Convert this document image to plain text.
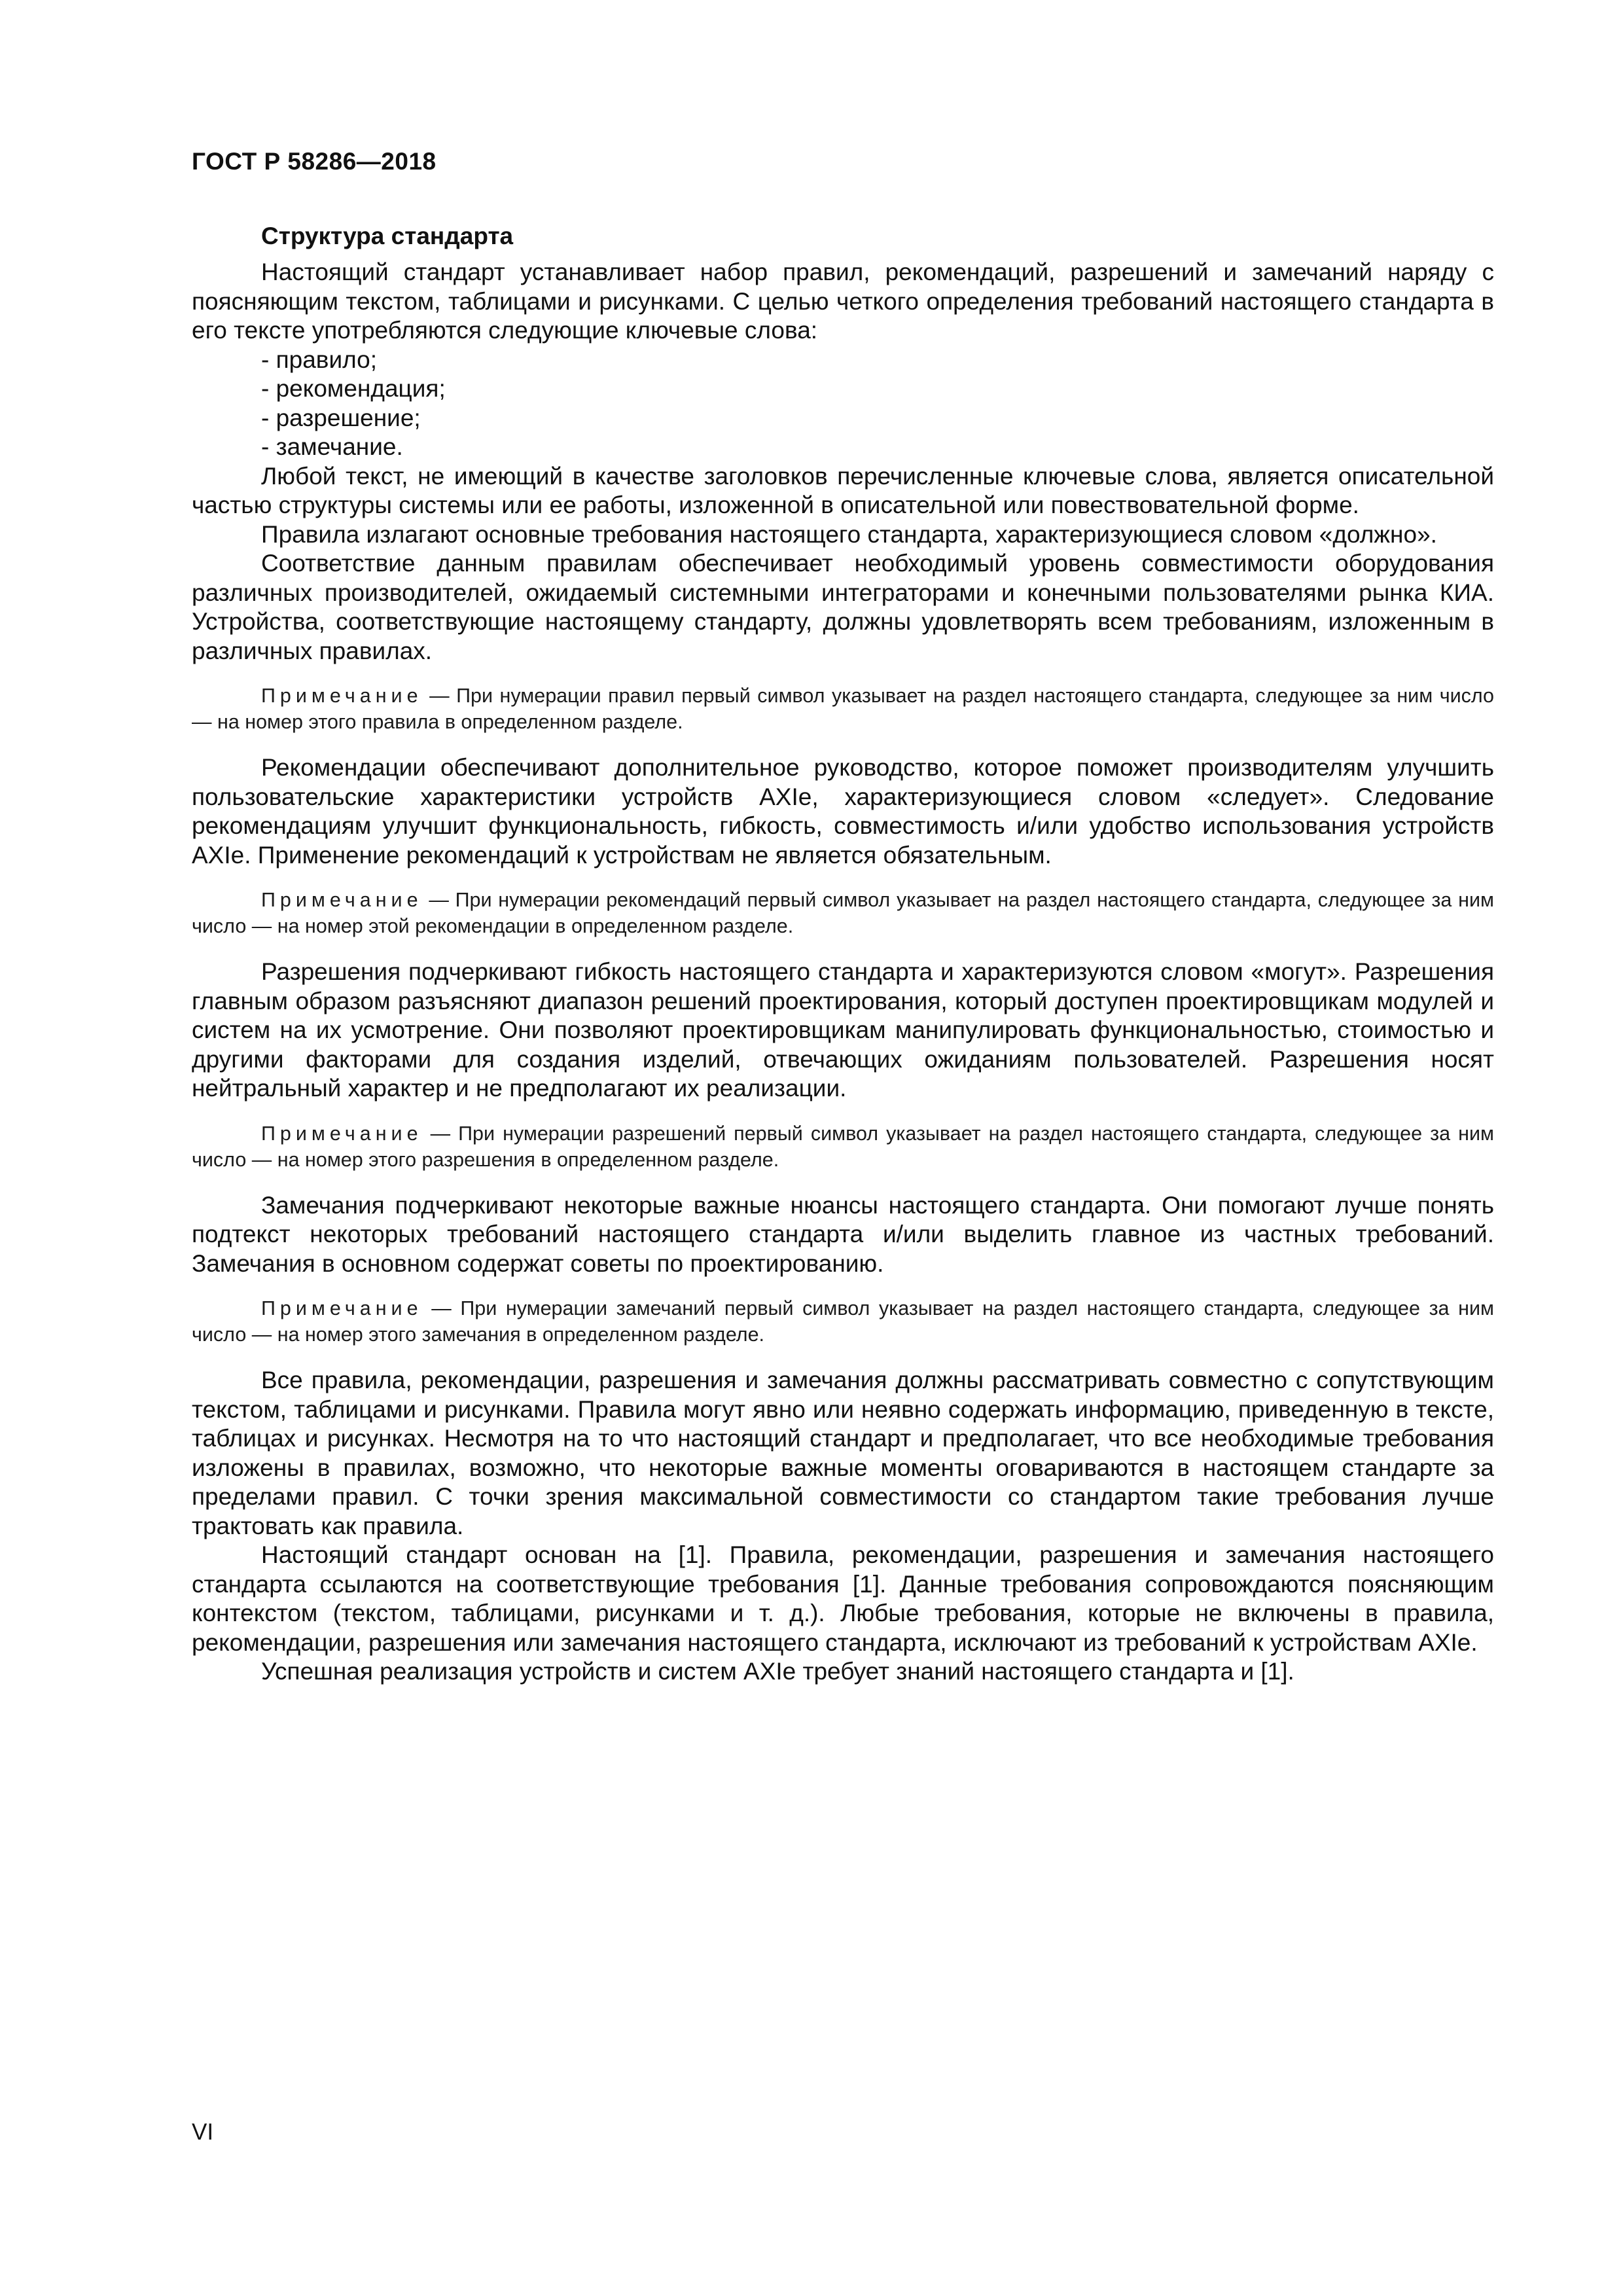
ГОСТ Р 58286—2018
Структура стандарта

Настоящий стандарт устанавливает набор правил, рекомендаций, разрешений и замечаний наряду с поясняющим текстом, таблицами и рисунками. С целью четкого определения требований настоящего стандарта в его тексте употребляются следующие ключевые слова:

- правило;
- рекомендация;
- разрешение;
- замечание.

Любой текст, не имеющий в качестве заголовков перечисленные ключевые слова, является описательной частью структуры системы или ее работы, изложенной в описательной или повествовательной форме.

Правила излагают основные требования настоящего стандарта, характеризующиеся словом «должно».

Соответствие данным правилам обеспечивает необходимый уровень совместимости оборудования различных производителей, ожидаемый системными интеграторами и конечными пользователями рынка КИА. Устройства, соответствующие настоящему стандарту, должны удовлетворять всем требованиям, изложенным в различных правилах.

Примечание — При нумерации правил первый символ указывает на раздел настоящего стандарта, следующее за ним число — на номер этого правила в определенном разделе.

Рекомендации обеспечивают дополнительное руководство, которое поможет производителям улучшить пользовательские характеристики устройств AXIe, характеризующиеся словом «следует». Следование рекомендациям улучшит функциональность, гибкость, совместимость и/или удобство использования устройств AXIe. Применение рекомендаций к устройствам не является обязательным.

Примечание — При нумерации рекомендаций первый символ указывает на раздел настоящего стандарта, следующее за ним число — на номер этой рекомендации в определенном разделе.

Разрешения подчеркивают гибкость настоящего стандарта и характеризуются словом «могут». Разрешения главным образом разъясняют диапазон решений проектирования, который доступен проектировщикам модулей и систем на их усмотрение. Они позволяют проектировщикам манипулировать функциональностью, стоимостью и другими факторами для создания изделий, отвечающих ожиданиям пользователей. Разрешения носят нейтральный характер и не предполагают их реализации.

Примечание — При нумерации разрешений первый символ указывает на раздел настоящего стандарта, следующее за ним число — на номер этого разрешения в определенном разделе.

Замечания подчеркивают некоторые важные нюансы настоящего стандарта. Они помогают лучше понять подтекст некоторых требований настоящего стандарта и/или выделить главное из частных требований. Замечания в основном содержат советы по проектированию.

Примечание — При нумерации замечаний первый символ указывает на раздел настоящего стандарта, следующее за ним число — на номер этого замечания в определенном разделе.

Все правила, рекомендации, разрешения и замечания должны рассматривать совместно с сопутствующим текстом, таблицами и рисунками. Правила могут явно или неявно содержать информацию, приведенную в тексте, таблицах и рисунках. Несмотря на то что настоящий стандарт и предполагает, что все необходимые требования изложены в правилах, возможно, что некоторые важные моменты оговариваются в настоящем стандарте за пределами правил. С точки зрения максимальной совместимости со стандартом такие требования лучше трактовать как правила.

Настоящий стандарт основан на [1]. Правила, рекомендации, разрешения и замечания настоящего стандарта ссылаются на соответствующие требования [1]. Данные требования сопровождаются поясняющим контекстом (текстом, таблицами, рисунками и т. д.). Любые требования, которые не включены в правила, рекомендации, разрешения или замечания настоящего стандарта, исключают из требований к устройствам AXIe.

Успешная реализация устройств и систем AXIe требует знаний настоящего стандарта и [1].

VI
